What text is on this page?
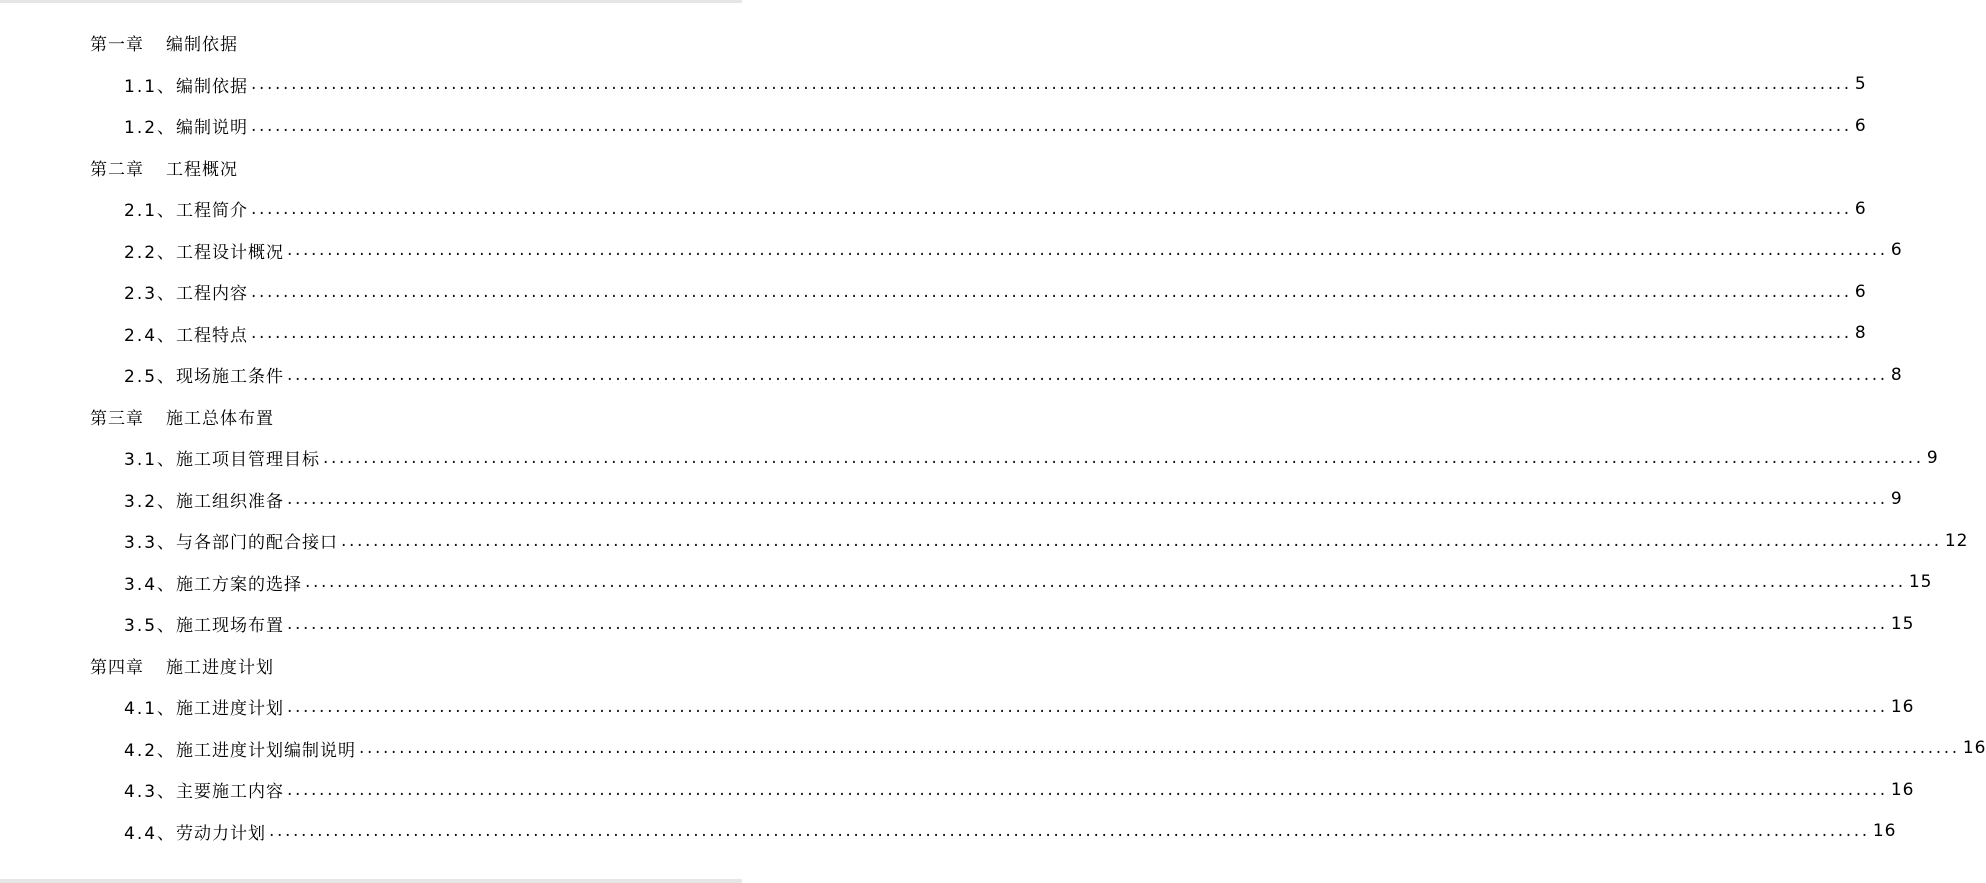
第一章 编制依据
1.1、 编制依据 ........................................................................................................................................................................................................ 5
1.2、 编制说明 ........................................................................................................................................................................................................ 6
第二章 工程概况
2.1、 工程简介 ........................................................................................................................................................................................................ 6
2.2、 工程设计概况 ........................................................................................................................................................................................................ 6
2.3、 工程内容 ........................................................................................................................................................................................................ 6
2.4、 工程特点 ........................................................................................................................................................................................................ 8
2.5、 现场施工条件 ........................................................................................................................................................................................................ 8
第三章 施工总体布置
3.1、 施工项目管理目标 ........................................................................................................................................................................................................ 9
3.2、 施工组织准备 ........................................................................................................................................................................................................ 9
3.3、 与各部门的配合接口 ........................................................................................................................................................................................................ 12
3.4、 施工方案的选择 ........................................................................................................................................................................................................ 15
3.5、 施工现场布置 ........................................................................................................................................................................................................ 15
第四章 施工进度计划
4.1、 施工进度计划 ........................................................................................................................................................................................................ 16
4.2、 施工进度计划编制说明 ........................................................................................................................................................................................................ 16
4.3、 主要施工内容 ........................................................................................................................................................................................................ 16
4.4、 劳动力计划 ........................................................................................................................................................................................................ 16
